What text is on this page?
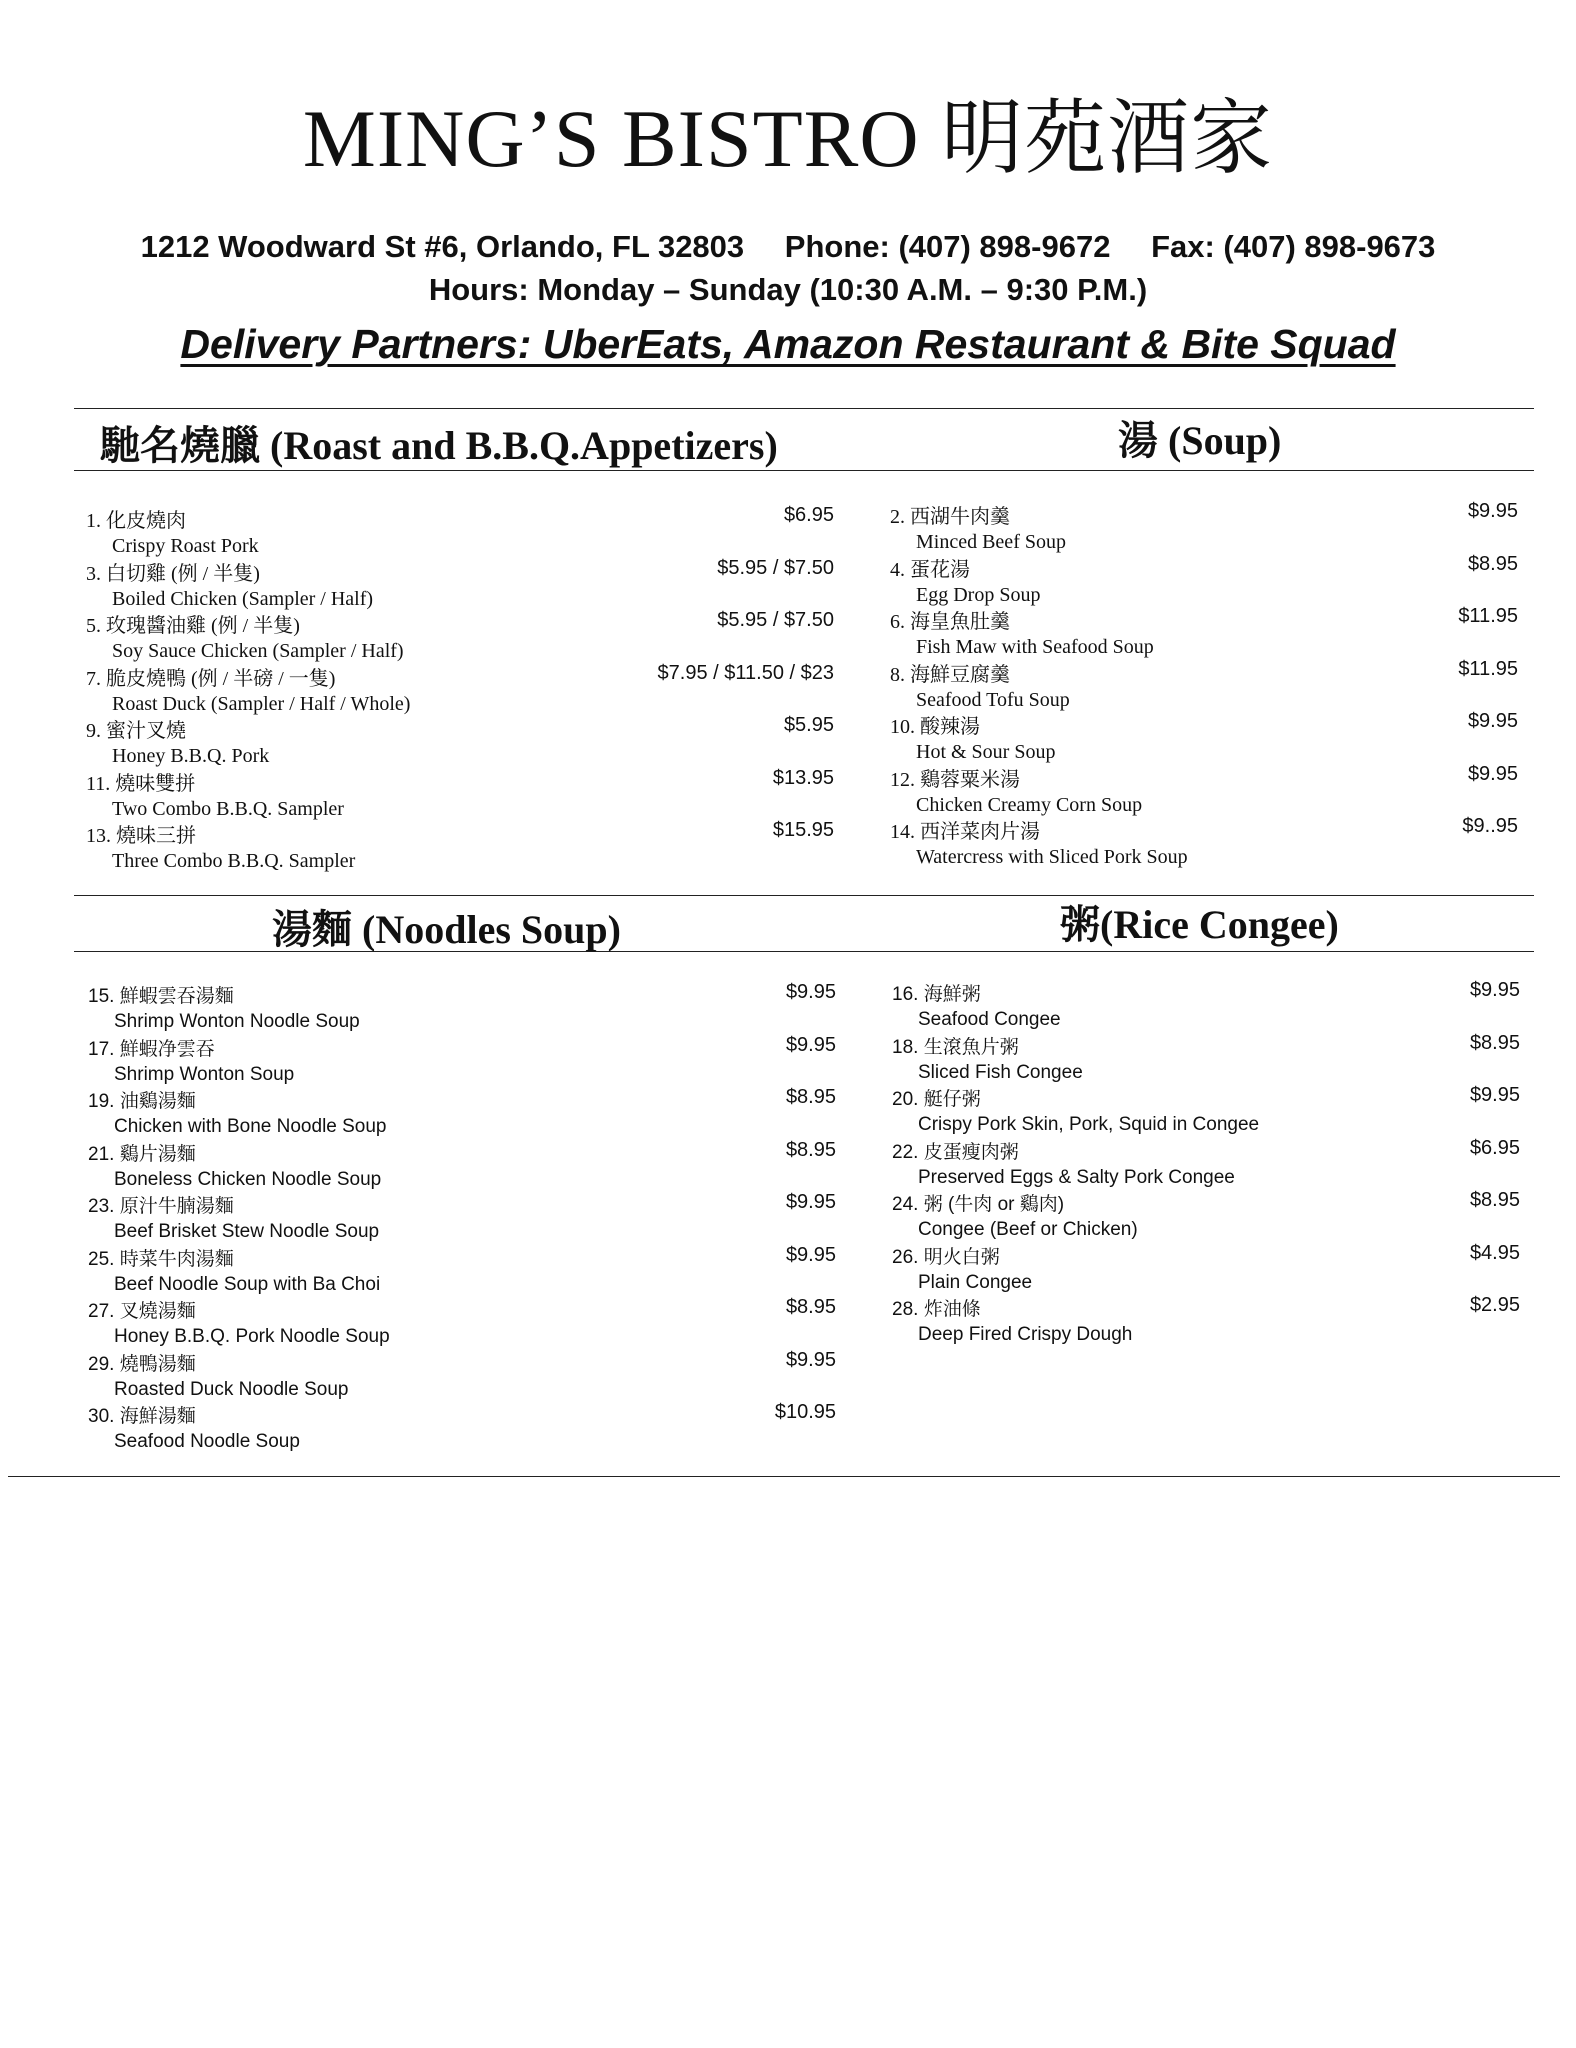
MING’S BISTRO 明苑酒家
1212 Woodward St #6, Orlando, FL 32803 Phone: (407) 898-9672 Fax: (407) 898-9673
Hours: Monday – Sunday (10:30 A.M. – 9:30 P.M.)
Delivery Partners: UberEats, Amazon Restaurant & Bite Squad
馳名燒臘 (Roast and B.B.Q.Appetizers)	湯 (Soup)
湯麵 (Noodles Soup)	粥(Rice Congee)
1. 化皮燒肉
Crispy Roast Pork
$6.95
3. 白切雞 (例 / 半隻)
Boiled Chicken (Sampler / Half)
$5.95 / $7.50
5. 玫瑰醬油雞 (例 / 半隻)
Soy Sauce Chicken (Sampler / Half)
$5.95 / $7.50
7. 脆皮燒鴨 (例 / 半磅 / 一隻)
Roast Duck (Sampler / Half / Whole)
$7.95 / $11.50 / $23
9. 蜜汁叉燒
Honey B.B.Q. Pork
$5.95
11. 燒味雙拼
Two Combo B.B.Q. Sampler
$13.95
13. 燒味三拼
Three Combo B.B.Q. Sampler
$15.95
2. 西湖牛肉羹
Minced Beef Soup
$9.95
4. 蛋花湯
Egg Drop Soup
$8.95
6. 海皇魚肚羹
Fish Maw with Seafood Soup
$11.95
8. 海鮮豆腐羹
Seafood Tofu Soup
$11.95
10. 酸辣湯
Hot & Sour Soup
$9.95
12. 鷄蓉粟米湯
Chicken Creamy Corn Soup
$9.95
14. 西洋菜肉片湯
Watercress with Sliced Pork Soup
$9..95
15. 鮮蝦雲吞湯麵
Shrimp Wonton Noodle Soup
$9.95
17. 鮮蝦净雲吞
Shrimp Wonton Soup
$9.95
19. 油鷄湯麵
Chicken with Bone Noodle Soup
$8.95
21. 鷄片湯麵
Boneless Chicken Noodle Soup
$8.95
23. 原汁牛腩湯麵
Beef Brisket Stew Noodle Soup
$9.95
25. 時菜牛肉湯麵
Beef Noodle Soup with Ba Choi
$9.95
27. 叉燒湯麵
Honey B.B.Q. Pork Noodle Soup
$8.95
29. 燒鴨湯麵
Roasted Duck Noodle Soup
$9.95
30. 海鮮湯麵
Seafood Noodle Soup
$10.95
16. 海鮮粥
Seafood Congee
$9.95
18. 生滾魚片粥
Sliced Fish Congee
$8.95
20. 艇仔粥
Crispy Pork Skin, Pork, Squid in Congee
$9.95
22. 皮蛋瘦肉粥
Preserved Eggs & Salty Pork Congee
$6.95
24. 粥 (牛肉 or 鷄肉)
Congee (Beef or Chicken)
$8.95
26. 明火白粥
Plain Congee
$4.95
28. 炸油條
Deep Fired Crispy Dough
$2.95
